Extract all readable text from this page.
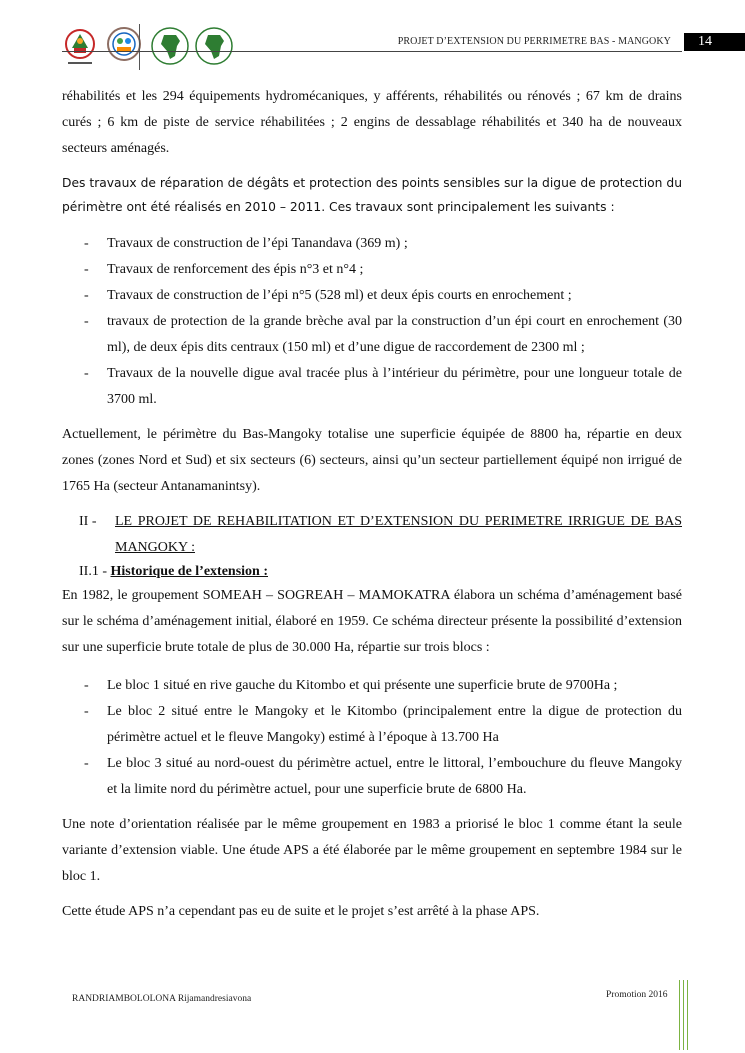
PROJET D’EXTENSION DU PERRIMETRE BAS - MANGOKY	14

réhabilités et les 294 équipements hydromécaniques, y afférents, réhabilités ou rénovés ; 67 km de drains curés ; 6 km de piste de service réhabilitées ; 2 engins de dessablage réhabilités et 340 ha de nouveaux secteurs aménagés.

Des travaux de réparation de dégâts et protection des points sensibles sur la digue de protection du périmètre ont été réalisés en 2010 – 2011. Ces travaux sont principalement les suivants :

- Travaux de construction de l’épi Tanandava (369 m) ;
- Travaux de renforcement des épis n°3 et n°4 ;
- Travaux de construction de l’épi n°5 (528 ml) et deux épis courts en enrochement ;
- travaux de protection de la grande brèche aval par la construction d’un épi court en enrochement (30 ml), de deux épis dits centraux (150 ml) et d’une digue de raccordement de 2300 ml ;
- Travaux de la nouvelle digue aval tracée plus à l’intérieur du périmètre, pour une longueur totale de 3700 ml.

Actuellement, le périmètre du Bas-Mangoky totalise une superficie équipée de 8800 ha, répartie en deux zones (zones Nord et Sud) et six secteurs (6) secteurs, ainsi qu’un secteur partiellement équipé non irrigué de 1765 Ha (secteur Antanamanintsy).

II -	LE PROJET DE REHABILITATION ET D’EXTENSION DU PERIMETRE IRRIGUE DE BAS MANGOKY :
II.1 - Historique de l’extension :

En 1982, le groupement SOMEAH – SOGREAH – MAMOKATRA élabora un schéma d’aménagement basé sur le schéma d’aménagement initial, élaboré en 1959. Ce schéma directeur présente la possibilité d’extension sur une superficie brute totale de plus de 30.000 Ha, répartie sur trois blocs :

- Le bloc 1 situé en rive gauche du Kitombo et qui présente une superficie brute de 9700Ha ;
- Le bloc 2 situé entre le Mangoky et le Kitombo (principalement entre la digue de protection du périmètre actuel et le fleuve Mangoky) estimé à l’époque à 13.700 Ha
- Le bloc 3 situé au nord-ouest du périmètre actuel, entre le littoral, l’embouchure du fleuve Mangoky et la limite nord du périmètre actuel, pour une superficie brute de 6800 Ha.

Une note d’orientation réalisée par le même groupement en 1983 a priorisé le bloc 1 comme étant la seule variante d’extension viable. Une étude APS a été élaborée par le même groupement en septembre 1984 sur le bloc 1.

Cette étude APS n’a cependant pas eu de suite et le projet s’est arrêté à la phase APS.

RANDRIAMBOLOLONA Rijamandresiavona	Promotion 2016
